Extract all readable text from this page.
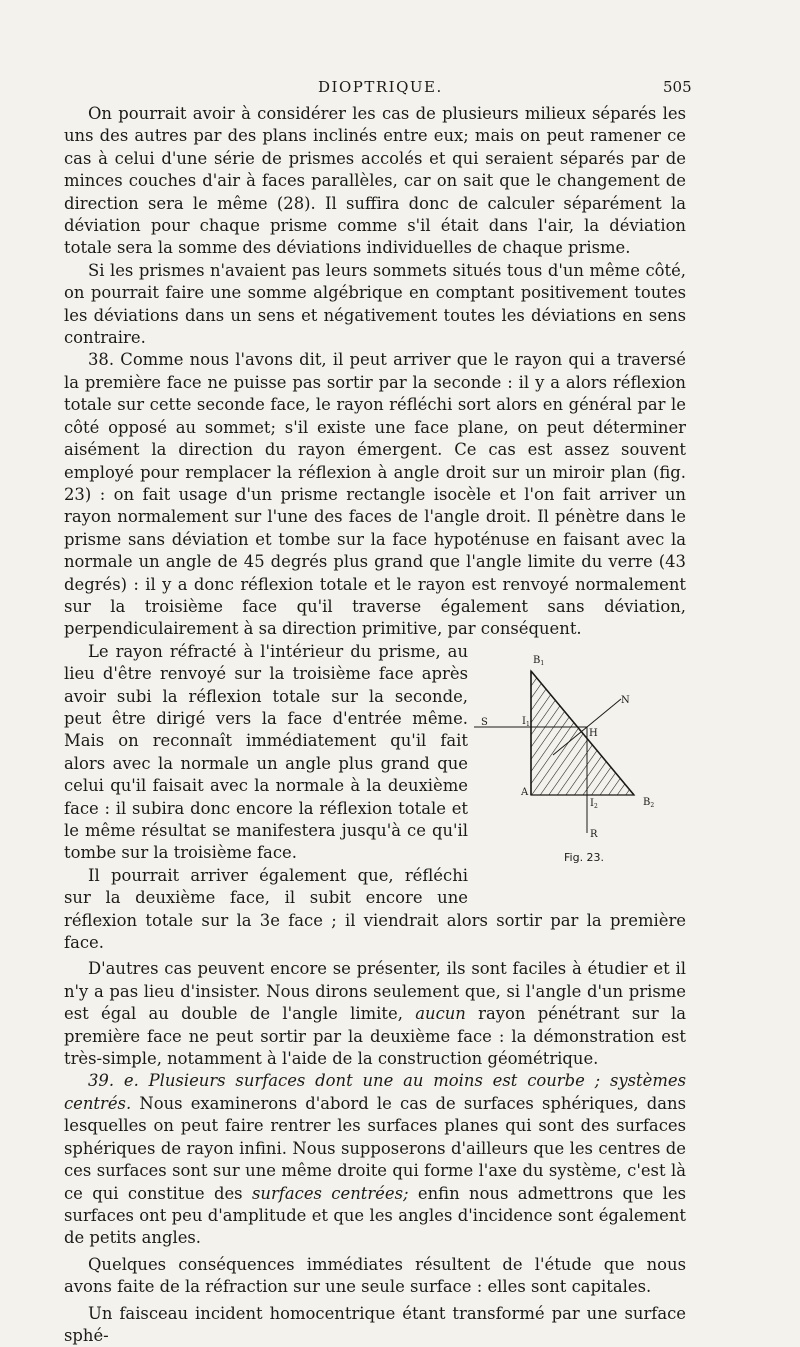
DIOPTRIQUE.	505

On pourrait avoir à considérer les cas de plusieurs milieux séparés les uns des autres par des plans inclinés entre eux; mais on peut ramener ce cas à celui d'une série de prismes accolés et qui seraient séparés par de minces couches d'air à faces parallèles, car on sait que le changement de direction sera le même (28). Il suffira donc de calculer séparément la déviation pour chaque prisme comme s'il était dans l'air, la déviation totale sera la somme des déviations individuelles de chaque prisme.

Si les prismes n'avaient pas leurs sommets situés tous d'un même côté, on pourrait faire une somme algébrique en comptant positivement toutes les déviations dans un sens et négativement toutes les déviations en sens contraire.

38. Comme nous l'avons dit, il peut arriver que le rayon qui a traversé la première face ne puisse pas sortir par la seconde : il y a alors réflexion totale sur cette seconde face, le rayon réfléchi sort alors en général par le côté opposé au sommet; s'il existe une face plane, on peut déterminer aisément la direction du rayon émergent. Ce cas est assez souvent employé pour remplacer la réflexion à angle droit sur un miroir plan (fig. 23) : on fait usage d'un prisme rectangle isocèle et l'on fait arriver un rayon normalement sur l'une des faces de l'angle droit. Il pénètre dans le prisme sans déviation et tombe sur la face hypoténuse en faisant avec la normale un angle de 45 degrés plus grand que l'angle limite du verre (43 degrés) : il y a donc réflexion totale et le rayon est renvoyé normalement sur la troisième face qu'il traverse également sans déviation, perpendiculairement à sa direction primitive, par conséquent.

$B_1$
N
S	$I_1$
H
A
$I_2$	$B_2$
R
Fig. 23.

Le rayon réfracté à l'intérieur du prisme, au lieu d'être renvoyé sur la troisième face après avoir subi la réflexion totale sur la seconde, peut être dirigé vers la face d'entrée même. Mais on reconnaît immédiatement qu'il fait alors avec la normale un angle plus grand que celui qu'il faisait avec la normale à la deuxième face : il subira donc encore la réflexion totale et le même résultat se manifestera jusqu'à ce qu'il tombe sur la troisième face.

Il pourrait arriver également que, réfléchi sur la deuxième face, il subit encore une réflexion totale sur la 3e face ; il viendrait alors sortir par la première face.

D'autres cas peuvent encore se présenter, ils sont faciles à étudier et il n'y a pas lieu d'insister. Nous dirons seulement que, si l'angle d'un prisme est égal au double de l'angle limite, aucun rayon pénétrant sur la première face ne peut sortir par la deuxième face : la démonstration est très-simple, notamment à l'aide de la construction géométrique.

39. e. Plusieurs surfaces dont une au moins est courbe ; systèmes centrés. Nous examinerons d'abord le cas de surfaces sphériques, dans lesquelles on peut faire rentrer les surfaces planes qui sont des surfaces sphériques de rayon infini. Nous supposerons d'ailleurs que les centres de ces surfaces sont sur une même droite qui forme l'axe du système, c'est là ce qui constitue des surfaces centrées; enfin nous admettrons que les surfaces ont peu d'amplitude et que les angles d'incidence sont également de petits angles.

Quelques conséquences immédiates résultent de l'étude que nous avons faite de la réfraction sur une seule surface : elles sont capitales.

Un faisceau incident homocentrique étant transformé par une surface sphé-
